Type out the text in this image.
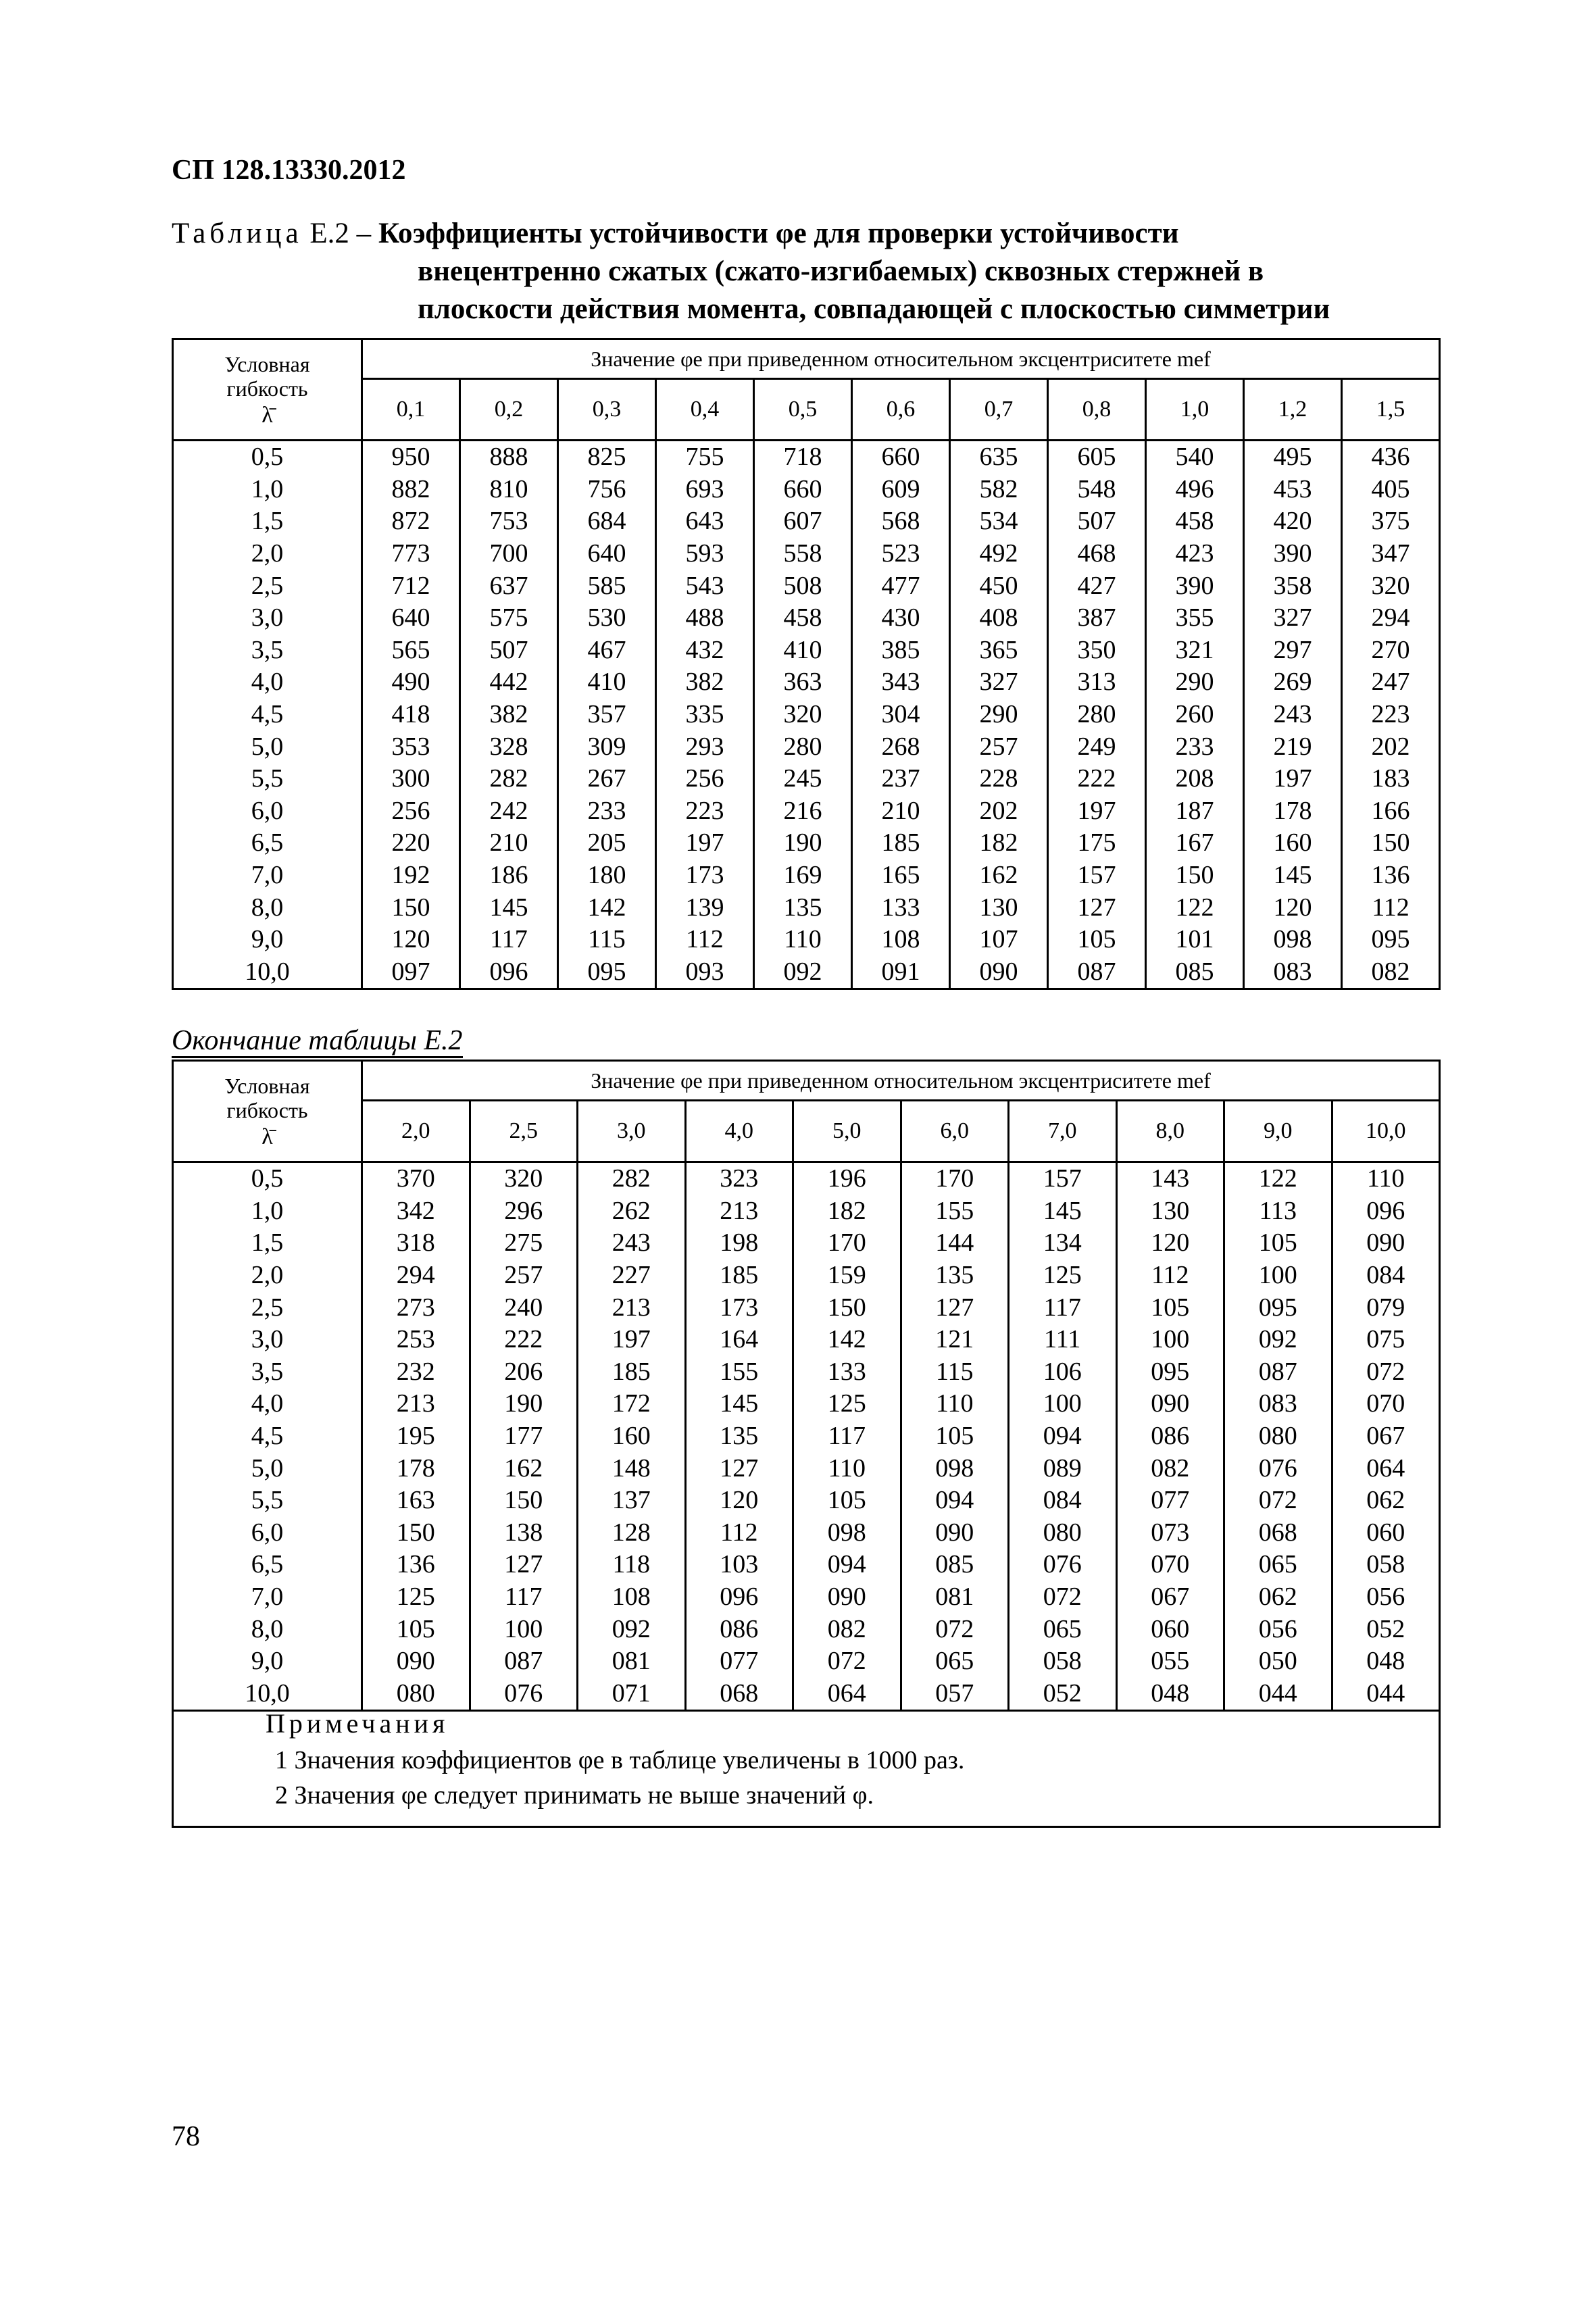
СП 128.13330.2012
Таблица Е.2 – Коэффициенты устойчивости φe для проверки устойчивости
внецентренно сжатых (сжато-изгибаемых) сквозных стержней в
плоскости действия момента, совпадающей с плоскостью симметрии
Условная
гибкость
λ̄	Значение φe при приведенном относительном эксцентриситете mef										
	0,1	0,2	0,3	0,4	0,5	0,6	0,7	0,8	1,0	1,2	1,5
0,5	950	888	825	755	718	660	635	605	540	495	436
1,0	882	810	756	693	660	609	582	548	496	453	405
1,5	872	753	684	643	607	568	534	507	458	420	375
2,0	773	700	640	593	558	523	492	468	423	390	347
2,5	712	637	585	543	508	477	450	427	390	358	320
3,0	640	575	530	488	458	430	408	387	355	327	294
3,5	565	507	467	432	410	385	365	350	321	297	270
4,0	490	442	410	382	363	343	327	313	290	269	247
4,5	418	382	357	335	320	304	290	280	260	243	223
5,0	353	328	309	293	280	268	257	249	233	219	202
5,5	300	282	267	256	245	237	228	222	208	197	183
6,0	256	242	233	223	216	210	202	197	187	178	166
6,5	220	210	205	197	190	185	182	175	167	160	150
7,0	192	186	180	173	169	165	162	157	150	145	136
8,0	150	145	142	139	135	133	130	127	122	120	112
9,0	120	117	115	112	110	108	107	105	101	098	095
10,0	097	096	095	093	092	091	090	087	085	083	082
Окончание таблицы Е.2
Условная
гибкость
λ̄	Значение φe при приведенном относительном эксцентриситете mef									
	2,0	2,5	3,0	4,0	5,0	6,0	7,0	8,0	9,0	10,0
0,5	370	320	282	323	196	170	157	143	122	110
1,0	342	296	262	213	182	155	145	130	113	096
1,5	318	275	243	198	170	144	134	120	105	090
2,0	294	257	227	185	159	135	125	112	100	084
2,5	273	240	213	173	150	127	117	105	095	079
3,0	253	222	197	164	142	121	111	100	092	075
3,5	232	206	185	155	133	115	106	095	087	072
4,0	213	190	172	145	125	110	100	090	083	070
4,5	195	177	160	135	117	105	094	086	080	067
5,0	178	162	148	127	110	098	089	082	076	064
5,5	163	150	137	120	105	094	084	077	072	062
6,0	150	138	128	112	098	090	080	073	068	060
6,5	136	127	118	103	094	085	076	070	065	058
7,0	125	117	108	096	090	081	072	067	062	056
8,0	105	100	092	086	082	072	065	060	056	052
9,0	090	087	081	077	072	065	058	055	050	048
10,0	080	076	071	068	064	057	052	048	044	044
Примечания
1 Значения коэффициентов φe в таблице увеличены в 1000 раз.
2 Значения φe следует принимать не выше значений φ.
78
